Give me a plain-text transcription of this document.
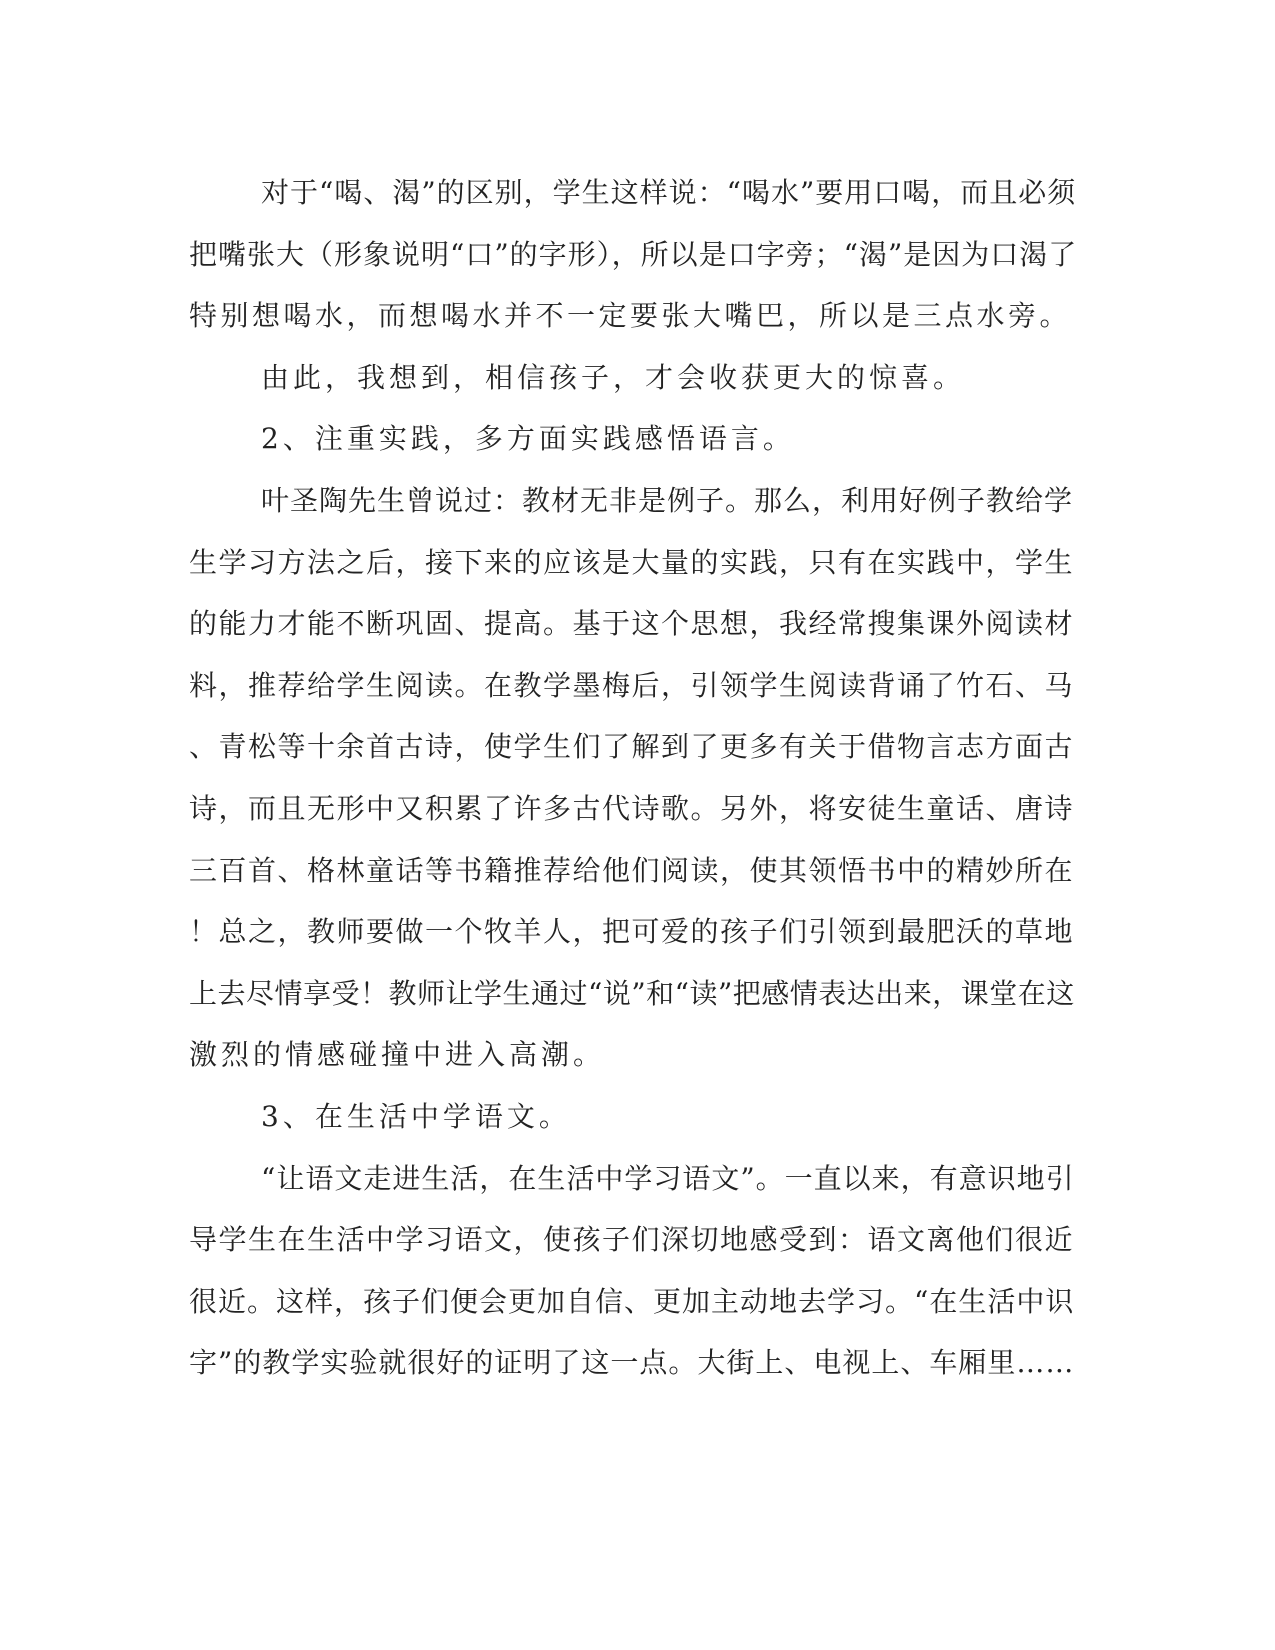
对于“喝、渴”的区别，学生这样说：“喝水”要用口喝，而且必须
把嘴张大（形象说明“口”的字形），所以是口字旁；“渴”是因为口渴了
特别想喝水，而想喝水并不一定要张大嘴巴，所以是三点水旁。
由此，我想到，相信孩子，才会收获更大的惊喜。
2、注重实践，多方面实践感悟语言。
叶圣陶先生曾说过：教材无非是例子。那么，利用好例子教给学
生学习方法之后，接下来的应该是大量的实践，只有在实践中，学生
的能力才能不断巩固、提高。基于这个思想，我经常搜集课外阅读材
料，推荐给学生阅读。在教学墨梅后，引领学生阅读背诵了竹石、马
、青松等十余首古诗，使学生们了解到了更多有关于借物言志方面古
诗，而且无形中又积累了许多古代诗歌。另外，将安徒生童话、唐诗
三百首、格林童话等书籍推荐给他们阅读，使其领悟书中的精妙所在
！总之，教师要做一个牧羊人，把可爱的孩子们引领到最肥沃的草地
上去尽情享受！教师让学生通过“说”和“读”把感情表达出来，课堂在这
激烈的情感碰撞中进入高潮。
3、在生活中学语文。
“让语文走进生活，在生活中学习语文”。一直以来，有意识地引
导学生在生活中学习语文，使孩子们深切地感受到：语文离他们很近
很近。这样，孩子们便会更加自信、更加主动地去学习。“在生活中识
字”的教学实验就很好的证明了这一点。大街上、电视上、车厢里……
